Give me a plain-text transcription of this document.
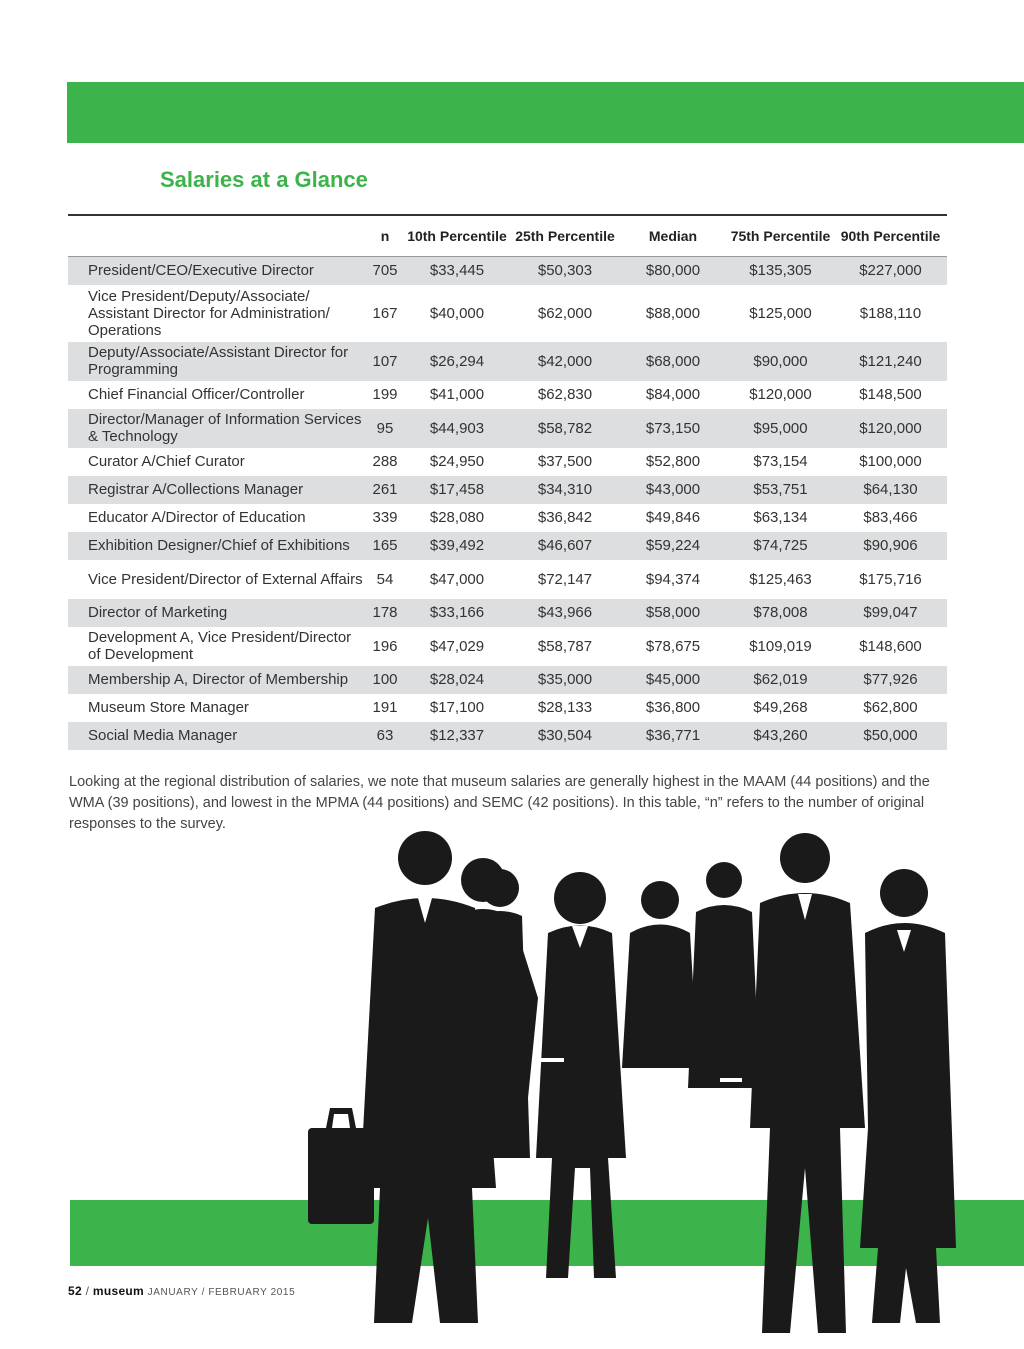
Salaries at a Glance
	n	10th Percentile	25th Percentile	Median	75th Percentile	90th Percentile
President/CEO/Executive Director	705	$33,445	$50,303	$80,000	$135,305	$227,000
Vice President/Deputy/Associate/ Assistant Director for Administration/ Operations	167	$40,000	$62,000	$88,000	$125,000	$188,110
Deputy/Associate/Assistant Director for Programming	107	$26,294	$42,000	$68,000	$90,000	$121,240
Chief Financial Officer/Controller	199	$41,000	$62,830	$84,000	$120,000	$148,500
Director/Manager of Information Services & Technology	95	$44,903	$58,782	$73,150	$95,000	$120,000
Curator A/Chief Curator	288	$24,950	$37,500	$52,800	$73,154	$100,000
Registrar A/Collections Manager	261	$17,458	$34,310	$43,000	$53,751	$64,130
Educator A/Director of Education	339	$28,080	$36,842	$49,846	$63,134	$83,466
Exhibition Designer/Chief of Exhibitions	165	$39,492	$46,607	$59,224	$74,725	$90,906
Vice President/Director of External Affairs	54	$47,000	$72,147	$94,374	$125,463	$175,716
Director of Marketing	178	$33,166	$43,966	$58,000	$78,008	$99,047
Development A, Vice President/Director of Development	196	$47,029	$58,787	$78,675	$109,019	$148,600
Membership A, Director of Membership	100	$28,024	$35,000	$45,000	$62,019	$77,926
Museum Store Manager	191	$17,100	$28,133	$36,800	$49,268	$62,800
Social Media Manager	63	$12,337	$30,504	$36,771	$43,260	$50,000

Looking at the regional distribution of salaries, we note that museum salaries are generally highest in the MAAM (44 positions) and the WMA (39 positions), and lowest in the MPMA (44 positions) and SEMC (42 positions). In this table, “n” refers to the number of original responses to the survey.

52 / museum JANUARY / FEBRUARY 2015
